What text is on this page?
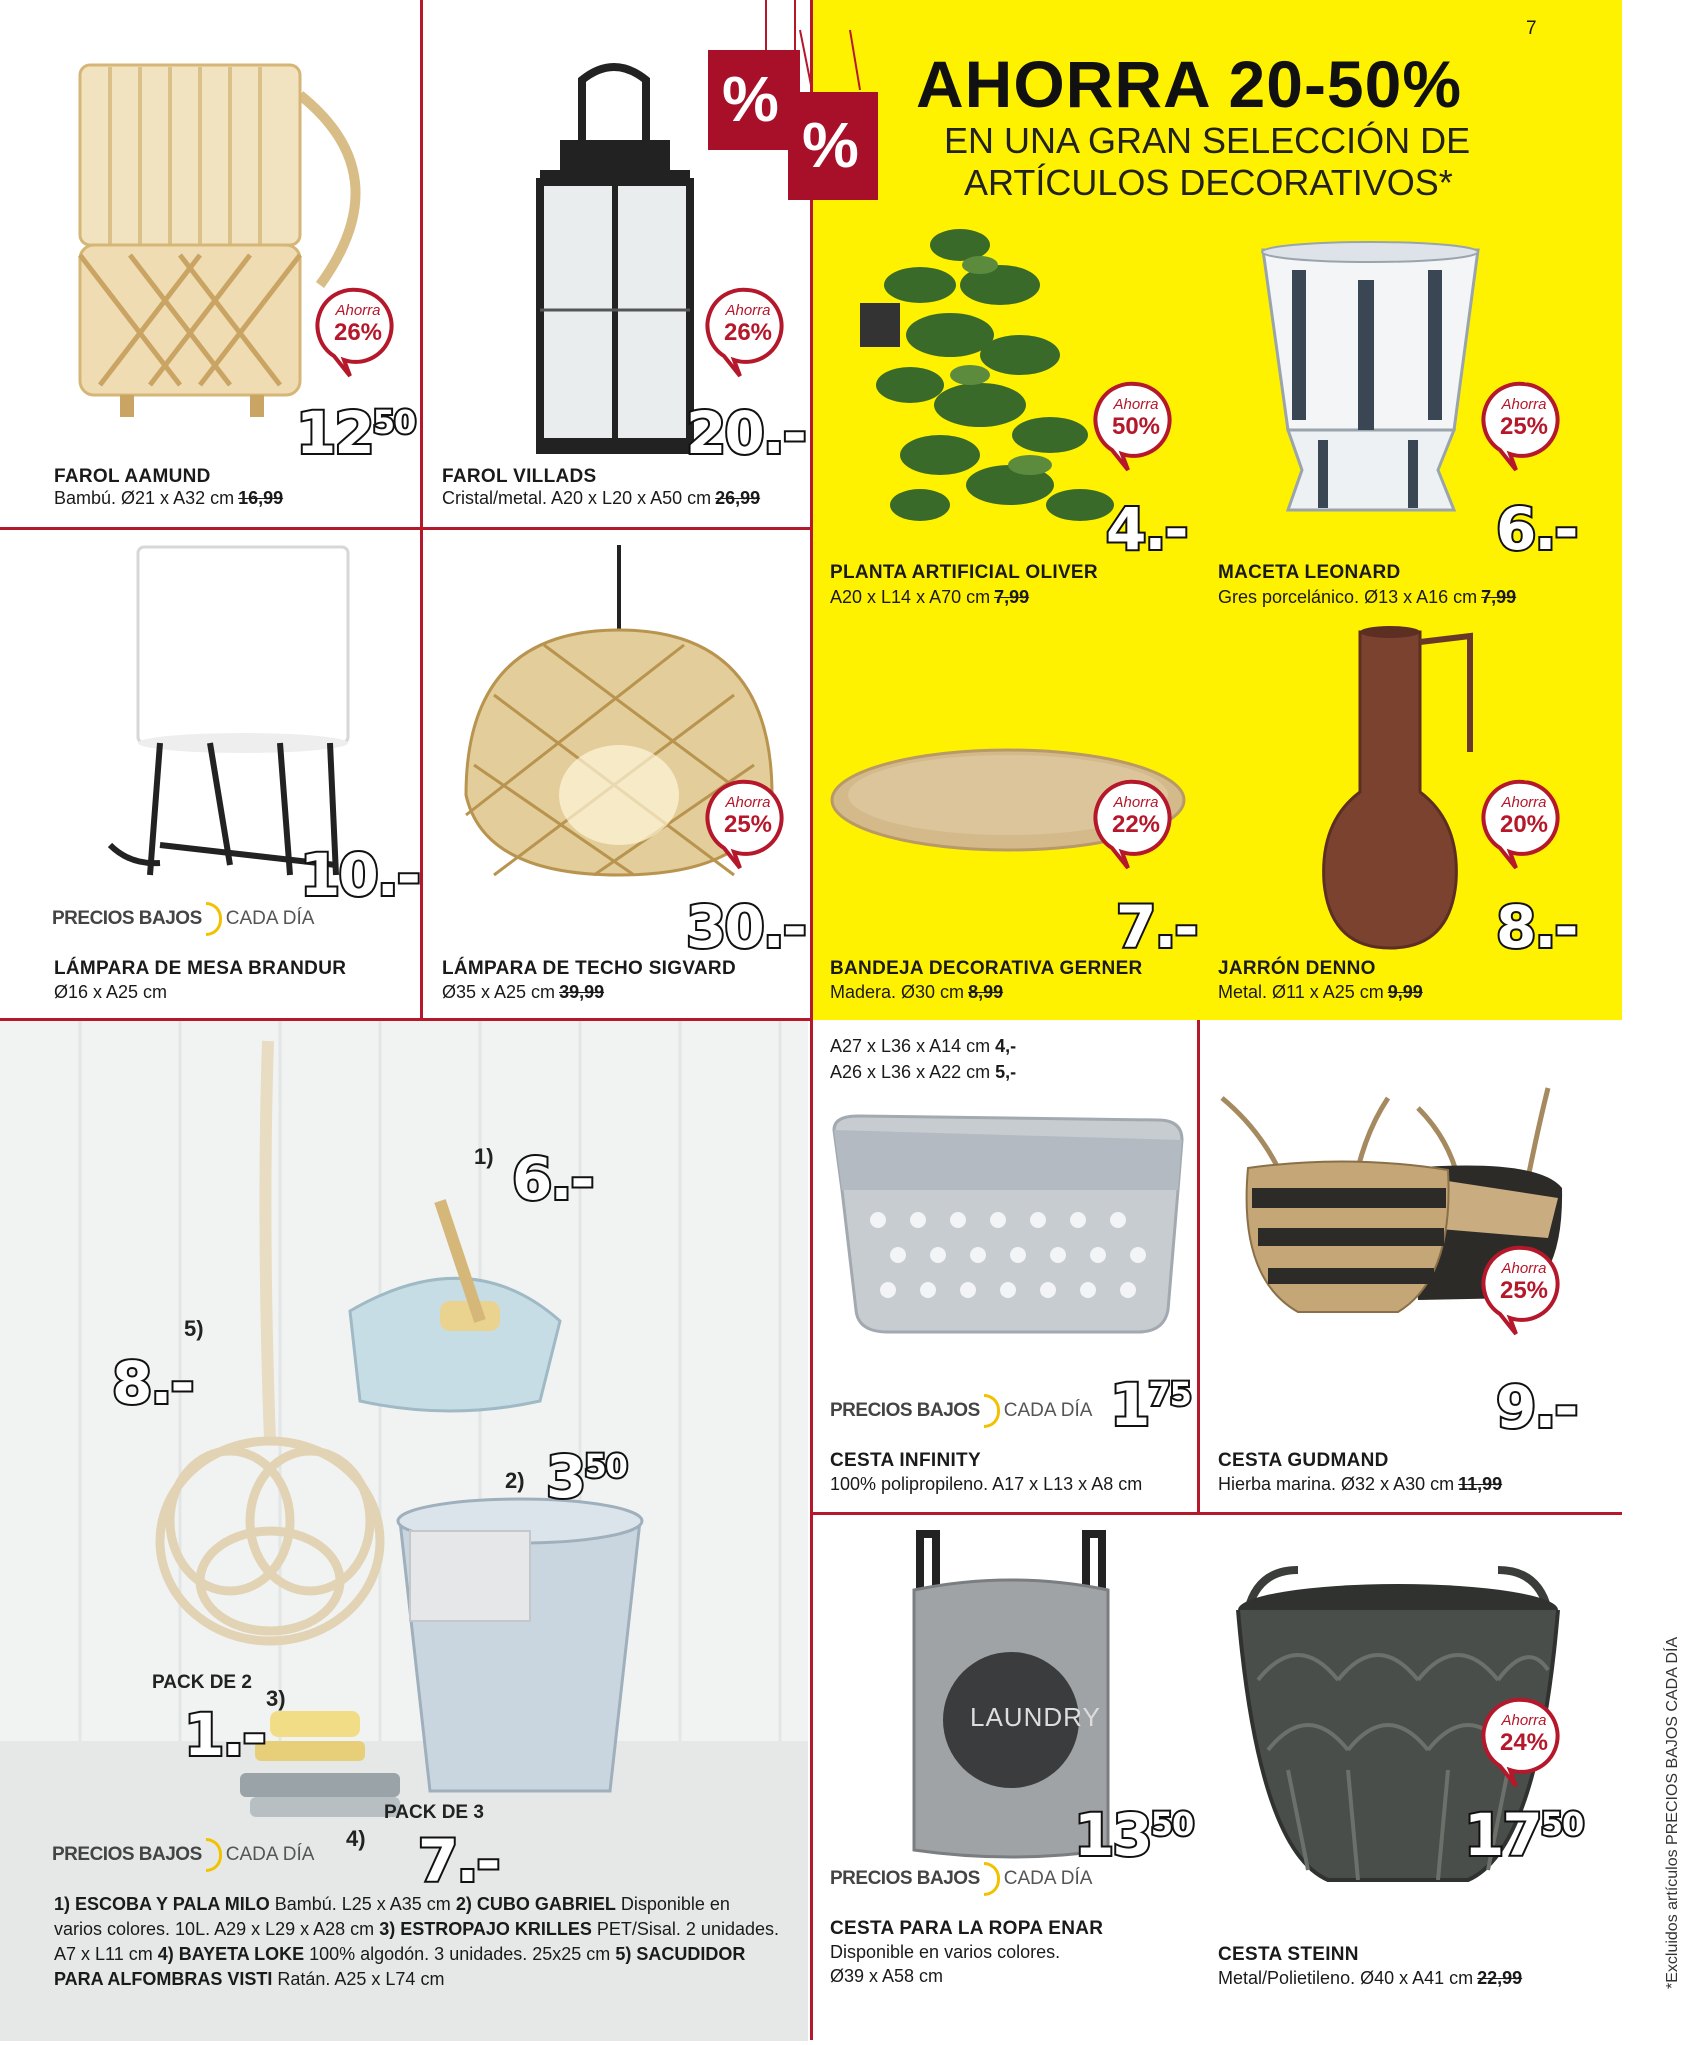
7
%
%
AHORRA 20-50%
EN UNA GRAN SELECCIÓN DE
ARTÍCULOS DECORATIVOS*
Ahorra
26%
$12^{50}$
FAROL AAMUND
Bambú. Ø21 x A32 cm 16,99
Ahorra
26%
20.-
FAROL VILLADS
Cristal/metal. A20 x L20 x A50 cm 26,99
Ahorra
50%
4.-
PLANTA ARTIFICIAL OLIVER
A20 x L14 x A70 cm 7,99
Ahorra
25%
6.-
MACETA LEONARD
Gres porcelánico. Ø13 x A16 cm 7,99
10.-
PRECIOS BAJOS CADA DÍA
LÁMPARA DE MESA BRANDUR
Ø16 x A25 cm
Ahorra
25%
30.-
LÁMPARA DE TECHO SIGVARD
Ø35 x A25 cm 39,99
Ahorra
22%
7.-
BANDEJA DECORATIVA GERNER
Madera. Ø30 cm 8,99
Ahorra
20%
8.-
JARRÓN DENNO
Metal. Ø11 x A25 cm 9,99
1) 6.-
2) $3^{50}$
5)
8.-
PACK DE 2
3)
1.-
PACK DE 3
4) 7.-
PRECIOS BAJOS CADA DÍA
1) ESCOBA Y PALA MILO Bambú. L25 x A35 cm 2) CUBO GABRIEL Disponible en
varios colores. 10L. A29 x L29 x A28 cm 3) ESTROPAJO KRILLES PET/Sisal. 2 unidades.
A7 x L11 cm 4) BAYETA LOKE 100% algodón. 3 unidades. 25x25 cm 5) SACUDIDOR
PARA ALFOMBRAS VISTI Ratán. A25 x L74 cm
A27 x L36 x A14 cm 4,-
A26 x L36 x A22 cm 5,-
PRECIOS BAJOS CADA DÍA $1^{75}$
CESTA INFINITY
100% polipropileno. A17 x L13 x A8 cm
Ahorra
25%
9.-
CESTA GUDMAND
Hierba marina. Ø32 x A30 cm 11,99
LAUNDRY
$13^{50}$
PRECIOS BAJOS CADA DÍA
CESTA PARA LA ROPA ENAR
Disponible en varios colores.
Ø39 x A58 cm
Ahorra
24%
$17^{50}$
CESTA STEINN
Metal/Polietileno. Ø40 x A41 cm 22,99	*Excluidos artículos PRECIOS BAJOS CADA DÍA
